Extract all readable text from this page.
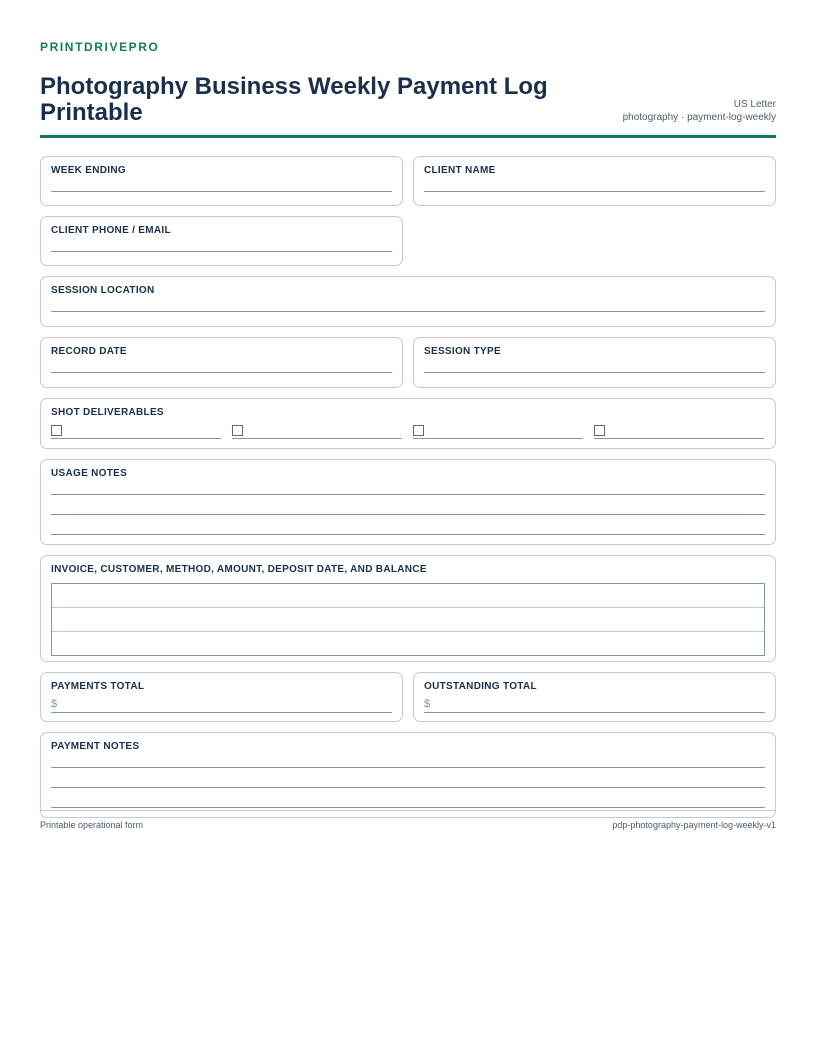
PRINTDRIVEPRO
Photography Business Weekly Payment Log Printable	US Letter
photography · payment-log-weekly
WEEK ENDING	CLIENT NAME
CLIENT PHONE / EMAIL
SESSION LOCATION
RECORD DATE	SESSION TYPE
SHOT DELIVERABLES
USAGE NOTES
INVOICE, CUSTOMER, METHOD, AMOUNT, DEPOSIT DATE, AND BALANCE
PAYMENTS TOTAL
$
OUTSTANDING TOTAL
$
PAYMENT NOTES
Printable operational form	pdp-photography-payment-log-weekly-v1
